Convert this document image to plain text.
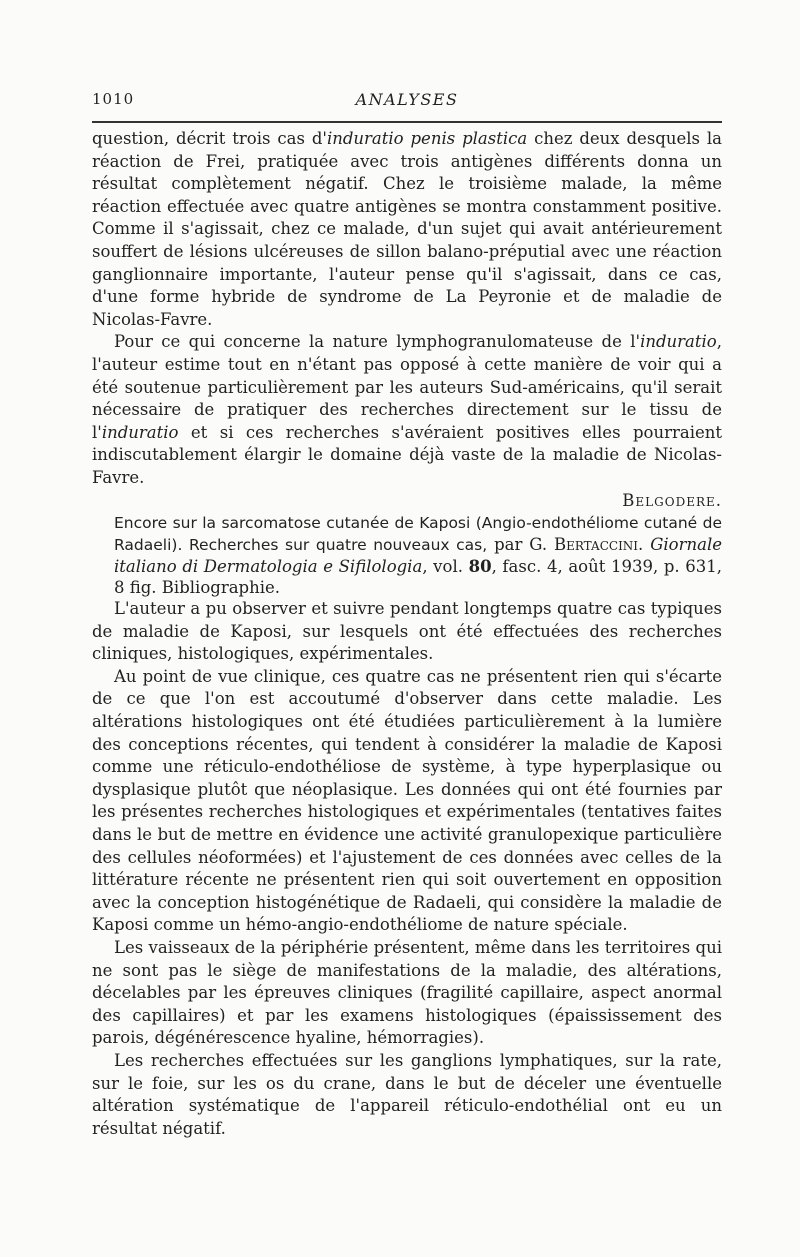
1010	ANALYSES

question, décrit trois cas d'induratio penis plastica chez deux desquels la réaction de Frei, pratiquée avec trois antigènes différents donna un résultat complètement négatif. Chez le troisième malade, la même réaction effectuée avec quatre antigènes se montra constamment positive. Comme il s'agissait, chez ce malade, d'un sujet qui avait antérieurement souffert de lésions ulcéreuses de sillon balano-préputial avec une réaction ganglionnaire importante, l'auteur pense qu'il s'agissait, dans ce cas, d'une forme hybride de syndrome de La Peyronie et de maladie de Nicolas-Favre.

Pour ce qui concerne la nature lymphogranulomateuse de l'induratio, l'auteur estime tout en n'étant pas opposé à cette manière de voir qui a été soutenue particulièrement par les auteurs Sud-américains, qu'il serait nécessaire de pratiquer des recherches directement sur le tissu de l'induratio et si ces recherches s'avéraient positives elles pourraient indiscutablement élargir le domaine déjà vaste de la maladie de Nicolas-Favre.

Belgodere.

Encore sur la sarcomatose cutanée de Kaposi (Angio-endothéliome cutané de Radaeli). Recherches sur quatre nouveaux cas, par G. Bertaccini. Giornale italiano di Dermatologia e Sifilologia, vol. 80, fasc. 4, août 1939, p. 631, 8 fig. Bibliographie.

L'auteur a pu observer et suivre pendant longtemps quatre cas typiques de maladie de Kaposi, sur lesquels ont été effectuées des recherches cliniques, histologiques, expérimentales.

Au point de vue clinique, ces quatre cas ne présentent rien qui s'écarte de ce que l'on est accoutumé d'observer dans cette maladie. Les altérations histologiques ont été étudiées particulièrement à la lumière des conceptions récentes, qui tendent à considérer la maladie de Kaposi comme une réticulo-endothéliose de système, à type hyperplasique ou dysplasique plutôt que néoplasique. Les données qui ont été fournies par les présentes recherches histologiques et expérimentales (tentatives faites dans le but de mettre en évidence une activité granulopexique particulière des cellules néoformées) et l'ajustement de ces données avec celles de la littérature récente ne présentent rien qui soit ouvertement en opposition avec la conception histogénétique de Radaeli, qui considère la maladie de Kaposi comme un hémo-angio-endothéliome de nature spéciale.

Les vaisseaux de la périphérie présentent, même dans les territoires qui ne sont pas le siège de manifestations de la maladie, des altérations, décelables par les épreuves cliniques (fragilité capillaire, aspect anormal des capillaires) et par les examens histologiques (épaississement des parois, dégénérescence hyaline, hémorragies).

Les recherches effectuées sur les ganglions lymphatiques, sur la rate, sur le foie, sur les os du crane, dans le but de déceler une éventuelle altération systématique de l'appareil réticulo-endothélial ont eu un résultat négatif.
